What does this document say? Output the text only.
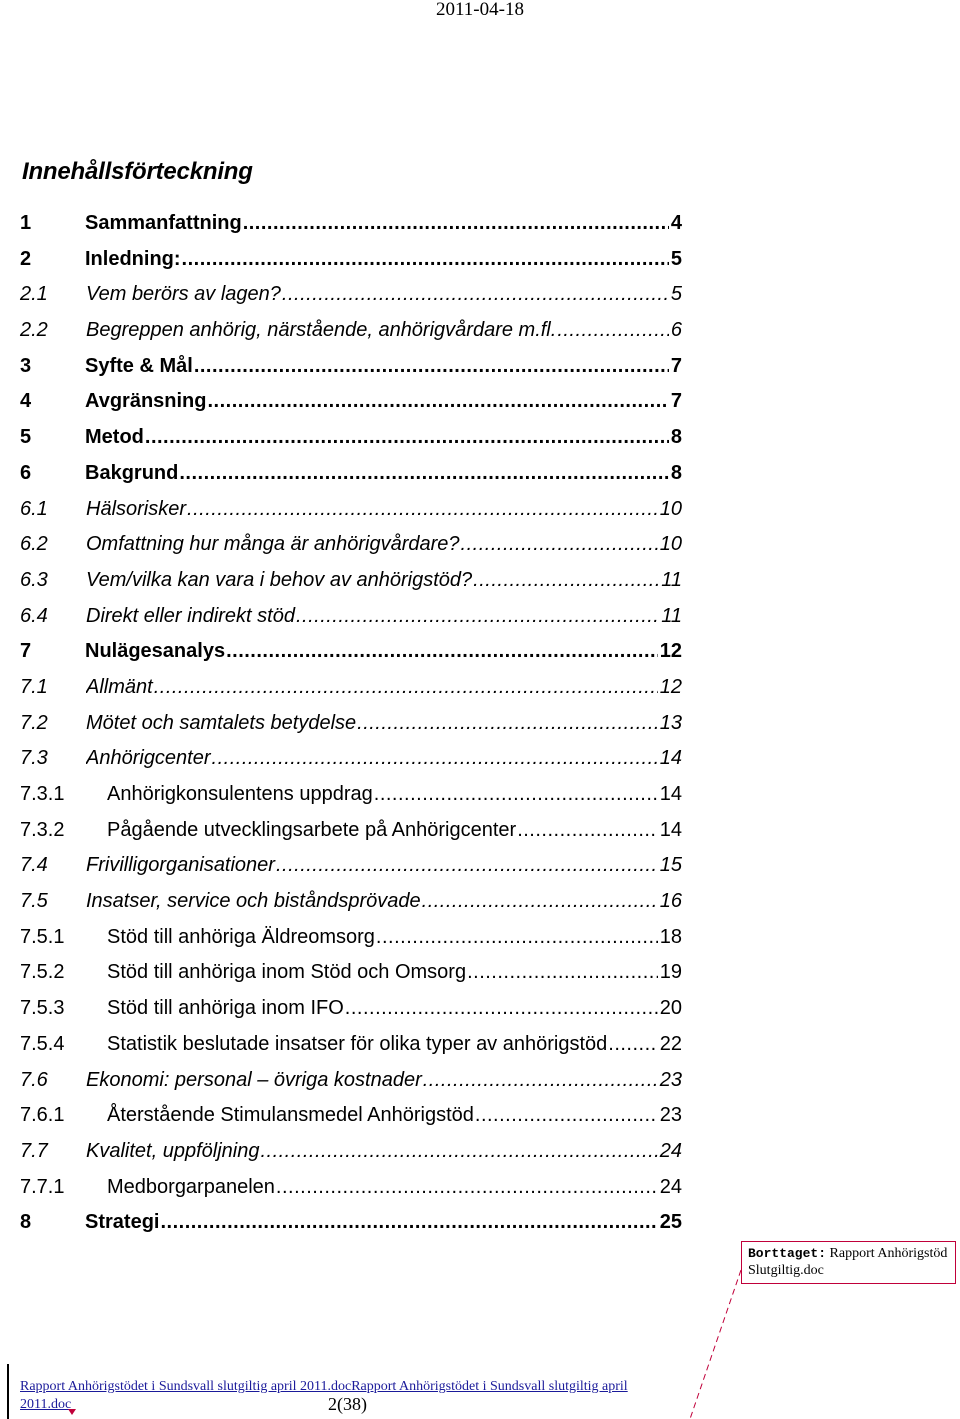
2011-04-18
Innehållsförteckning
1	Sammanfattning .....	4
2	Inledning: .....	5
2.1 Vem berörs av lagen? .....	5
2.2 Begreppen anhörig, närstående, anhörigvårdare m.fl. .....	6
3	Syfte & Mål .....	7
4	Avgränsning .....	7
5	Metod .....	8
6	Bakgrund .....	8
6.1 Hälsorisker .....	10
6.2 Omfattning hur många är anhörigvårdare? .....	10
6.3 Vem/vilka kan vara i behov av anhörigstöd? .....	11
6.4 Direkt eller indirekt stöd .....	11
7	Nulägesanalys .....	12
7.1 Allmänt .....	12
7.2 Mötet och samtalets betydelse .....	13
7.3 Anhörigcenter .....	14
7.3.1 Anhörigkonsulentens uppdrag .....	14
7.3.2 Pågående utvecklingsarbete på Anhörigcenter .....	14
7.4 Frivilligorganisationer .....	15
7.5 Insatser, service och biståndsprövade .....	16
7.5.1 Stöd till anhöriga Äldreomsorg .....	18
7.5.2 Stöd till anhöriga inom Stöd och Omsorg .....	19
7.5.3 Stöd till anhöriga inom IFO .....	20
7.5.4 Statistik beslutade insatser för olika typer av anhörigstöd .....	22
7.6 Ekonomi: personal – övriga kostnader .....	23
7.6.1 Återstående Stimulansmedel Anhörigstöd .....	23
7.7 Kvalitet, uppföljning .....	24
7.7.1 Medborgarpanelen .....	24
8	Strategi .....	25
Borttaget: Rapport Anhörigstöd Slutgiltig.doc
Rapport Anhörigstödet i Sundsvall slutgiltig april 2011.docRapport Anhörigstödet i Sundsvall slutgiltig april
2011.doc	2(38)
